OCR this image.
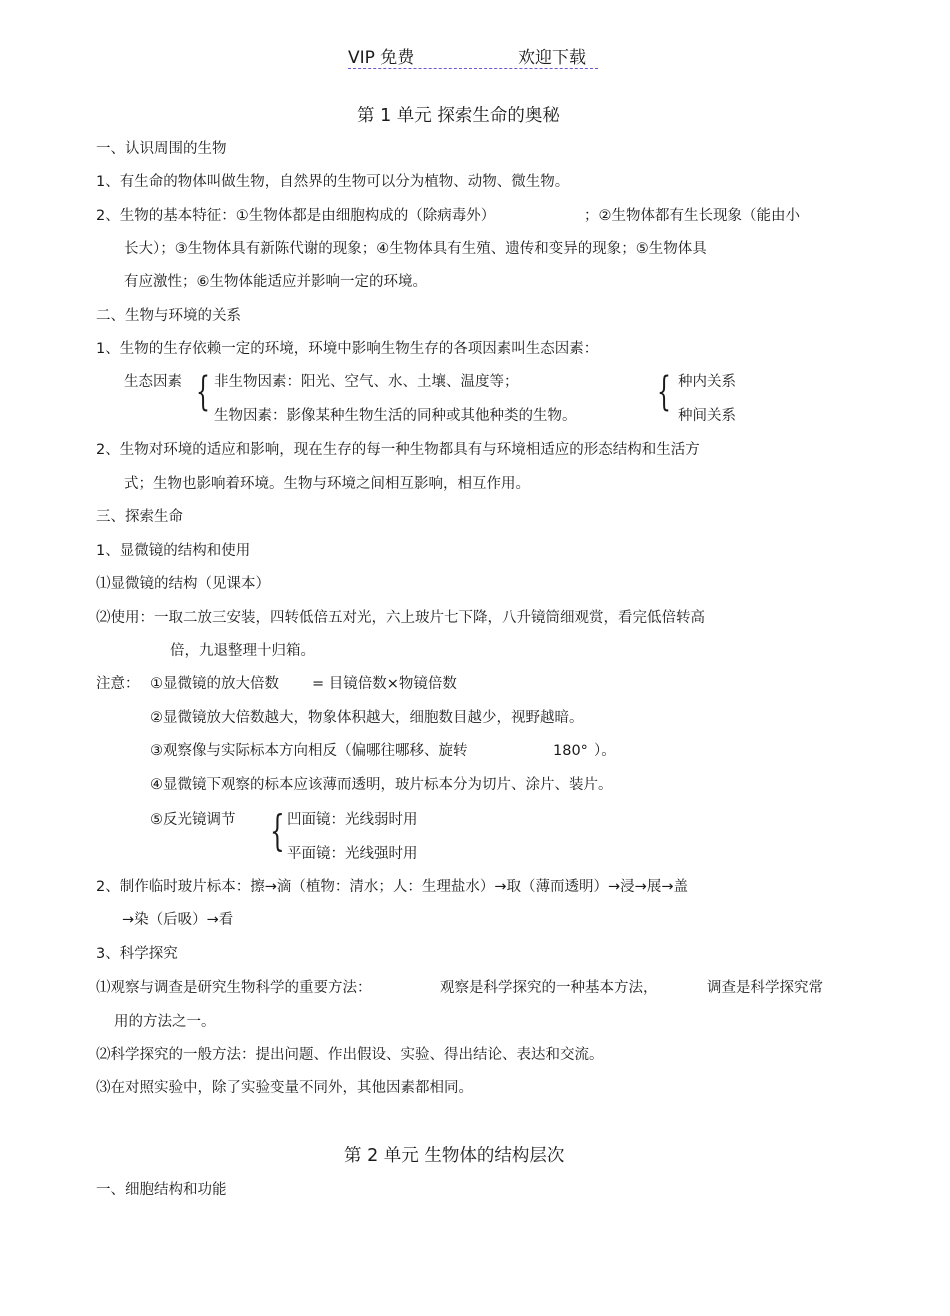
VIP 免费	欢迎下载
第 1 单元 探索生命的奥秘
一、认识周围的生物
1、有生命的物体叫做生物，自然界的生物可以分为植物、动物、微生物。
2、生物的基本特征：①生物体都是由细胞构成的（除病毒外）	；②生物体都有生长现象（能由小
长大）；③生物体具有新陈代谢的现象；④生物体具有生殖、遗传和变异的现象；⑤生物体具
有应激性；⑥生物体能适应并影响一定的环境。
二、生物与环境的关系
1、生物的生存依赖一定的环境，环境中影响生物生存的各项因素叫生态因素：
生态因素 { 非生物因素：阳光、空气、水、土壤、温度等；
生物因素：影像某种生物生活的同种或其他种类的生物。
{ 种内关系
种间关系
2、生物对环境的适应和影响，现在生存的每一种生物都具有与环境相适应的形态结构和生活方
式；生物也影响着环境。生物与环境之间相互影响，相互作用。
三、探索生命
1、显微镜的结构和使用
⑴显微镜的结构（见课本）
⑵使用：一取二放三安装，四转低倍五对光，六上玻片七下降，八升镜筒细观赏，看完低倍转高
倍，九退整理十归箱。
注意： ①显微镜的放大倍数 = 目镜倍数×物镜倍数
②显微镜放大倍数越大，物象体积越大，细胞数目越少，视野越暗。
③观察像与实际标本方向相反（偏哪往哪移、旋转	180° ）。
④显微镜下观察的标本应该薄而透明，玻片标本分为切片、涂片、装片。
⑤反光镜调节 { 凹面镜：光线弱时用
平面镜：光线强时用
2、制作临时玻片标本：擦→滴（植物：清水；人：生理盐水）→取（薄而透明）→浸→展→盖
→染（后吸）→看
3、科学探究
⑴观察与调查是研究生物科学的重要方法：	观察是科学探究的一种基本方法，	调查是科学探究常
用的方法之一。
⑵科学探究的一般方法：提出问题、作出假设、实验、得出结论、表达和交流。
⑶在对照实验中，除了实验变量不同外，其他因素都相同。
第 2 单元 生物体的结构层次
一、细胞结构和功能
